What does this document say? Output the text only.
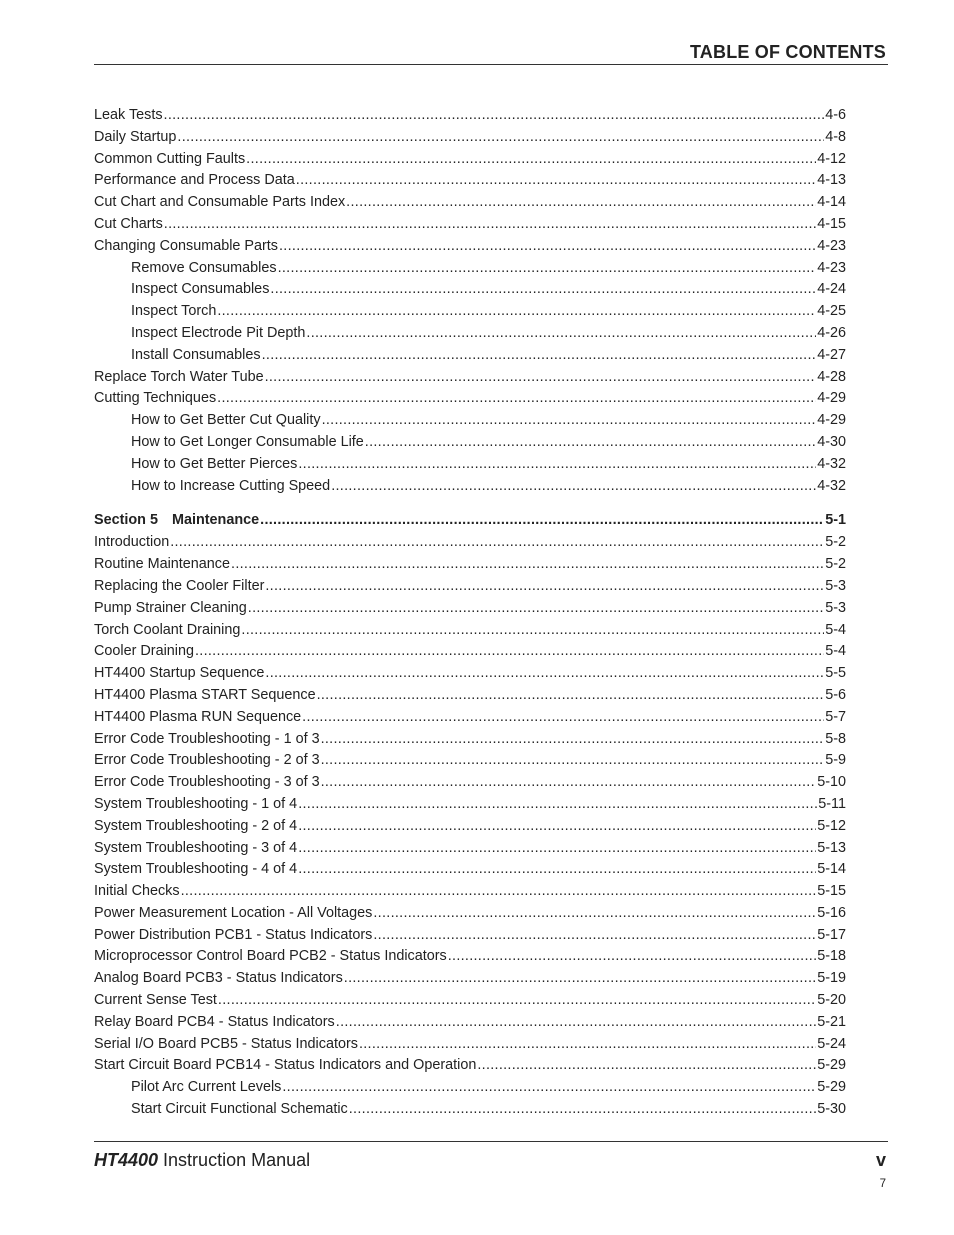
TABLE OF CONTENTS
Leak Tests .....	4-6
Daily Startup .....	4-8
Common Cutting Faults .....	4-12
Performance and Process Data .....	4-13
Cut Chart and Consumable Parts Index .....	4-14
Cut Charts .....	4-15
Changing Consumable Parts .....	4-23
Remove Consumables .....	4-23
Inspect Consumables .....	4-24
Inspect Torch .....	4-25
Inspect Electrode Pit Depth .....	4-26
Install Consumables .....	4-27
Replace Torch Water Tube .....	4-28
Cutting Techniques .....	4-29
How to Get Better Cut Quality .....	4-29
How to Get Longer Consumable Life .....	4-30
How to Get Better Pierces .....	4-32
How to Increase Cutting Speed .....	4-32
Section 5 Maintenance .....	5-1
Introduction .....	5-2
Routine Maintenance .....	5-2
Replacing the Cooler Filter .....	5-3
Pump Strainer Cleaning .....	5-3
Torch Coolant Draining .....	5-4
Cooler Draining .....	5-4
HT4400 Startup Sequence .....	5-5
HT4400 Plasma START Sequence .....	5-6
HT4400 Plasma RUN Sequence .....	5-7
Error Code Troubleshooting - 1 of 3 .....	5-8
Error Code Troubleshooting - 2 of 3 .....	5-9
Error Code Troubleshooting - 3 of 3 .....	5-10
System Troubleshooting - 1 of 4 .....	5-11
System Troubleshooting - 2 of 4 .....	5-12
System Troubleshooting - 3 of 4 .....	5-13
System Troubleshooting - 4 of 4 .....	5-14
Initial Checks .....	5-15
Power Measurement Location - All Voltages .....	5-16
Power Distribution PCB1 - Status Indicators .....	5-17
Microprocessor Control Board PCB2 - Status Indicators .....	5-18
Analog Board PCB3 - Status Indicators .....	5-19
Current Sense Test .....	5-20
Relay Board PCB4 - Status Indicators .....	5-21
Serial I/O Board PCB5 - Status Indicators .....	5-24
Start Circuit Board PCB14 - Status Indicators and Operation .....	5-29
Pilot Arc Current Levels .....	5-29
Start Circuit Functional Schematic .....	5-30
HT4400 Instruction Manual	v
7
